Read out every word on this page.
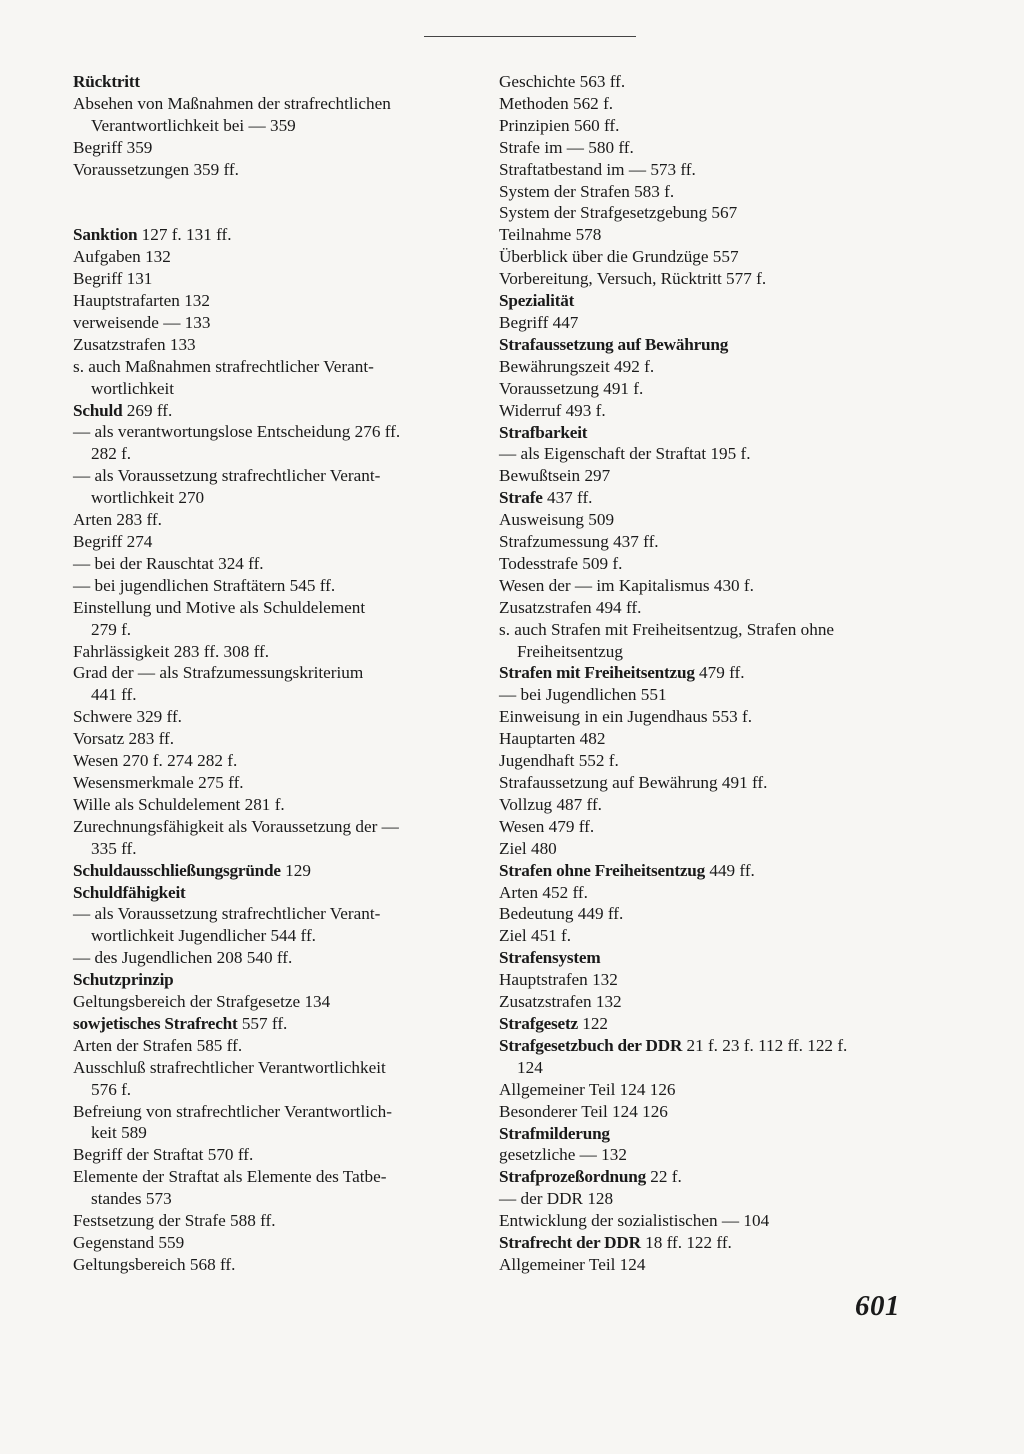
Rücktritt
Absehen von Maßnahmen der strafrechtlichen
Verantwortlichkeit bei — 359
Begriff 359
Voraussetzungen 359 ff.
Sanktion 127 f. 131 ff.
Aufgaben 132
Begriff 131
Hauptstrafarten 132
verweisende — 133
Zusatzstrafen 133
s. auch Maßnahmen strafrechtlicher Verant-
wortlichkeit
Schuld 269 ff.
— als verantwortungslose Entscheidung 276 ff.
282 f.
— als Voraussetzung strafrechtlicher Verant-
wortlichkeit 270
Arten 283 ff.
Begriff 274
— bei der Rauschtat 324 ff.
— bei jugendlichen Straftätern 545 ff.
Einstellung und Motive als Schuldelement
279 f.
Fahrlässigkeit 283 ff. 308 ff.
Grad der — als Strafzumessungskriterium
441 ff.
Schwere 329 ff.
Vorsatz 283 ff.
Wesen 270 f. 274 282 f.
Wesensmerkmale 275 ff.
Wille als Schuldelement 281 f.
Zurechnungsfähigkeit als Voraussetzung der —
335 ff.
Schuldausschließungsgründe 129
Schuldfähigkeit
— als Voraussetzung strafrechtlicher Verant-
wortlichkeit Jugendlicher 544 ff.
— des Jugendlichen 208 540 ff.
Schutzprinzip
Geltungsbereich der Strafgesetze 134
sowjetisches Strafrecht 557 ff.
Arten der Strafen 585 ff.
Ausschluß strafrechtlicher Verantwortlichkeit
576 f.
Befreiung von strafrechtlicher Verantwortlich-
keit 589
Begriff der Straftat 570 ff.
Elemente der Straftat als Elemente des Tatbe-
standes 573
Festsetzung der Strafe 588 ff.
Gegenstand 559
Geltungsbereich 568 ff.
Geschichte 563 ff.
Methoden 562 f.
Prinzipien 560 ff.
Strafe im — 580 ff.
Straftatbestand im — 573 ff.
System der Strafen 583 f.
System der Strafgesetzgebung 567
Teilnahme 578
Überblick über die Grundzüge 557
Vorbereitung, Versuch, Rücktritt 577 f.
Spezialität
Begriff 447
Strafaussetzung auf Bewährung
Bewährungszeit 492 f.
Voraussetzung 491 f.
Widerruf 493 f.
Strafbarkeit
— als Eigenschaft der Straftat 195 f.
Bewußtsein 297
Strafe 437 ff.
Ausweisung 509
Strafzumessung 437 ff.
Todesstrafe 509 f.
Wesen der — im Kapitalismus 430 f.
Zusatzstrafen 494 ff.
s. auch Strafen mit Freiheitsentzug, Strafen ohne
Freiheitsentzug
Strafen mit Freiheitsentzug 479 ff.
— bei Jugendlichen 551
Einweisung in ein Jugendhaus 553 f.
Hauptarten 482
Jugendhaft 552 f.
Strafaussetzung auf Bewährung 491 ff.
Vollzug 487 ff.
Wesen 479 ff.
Ziel 480
Strafen ohne Freiheitsentzug 449 ff.
Arten 452 ff.
Bedeutung 449 ff.
Ziel 451 f.
Strafensystem
Hauptstrafen 132
Zusatzstrafen 132
Strafgesetz 122
Strafgesetzbuch der DDR 21 f. 23 f. 112 ff. 122 f.
124
Allgemeiner Teil 124 126
Besonderer Teil 124 126
Strafmilderung
gesetzliche — 132
Strafprozeßordnung 22 f.
— der DDR 128
Entwicklung der sozialistischen — 104
Strafrecht der DDR 18 ff. 122 ff.
Allgemeiner Teil 124
601
